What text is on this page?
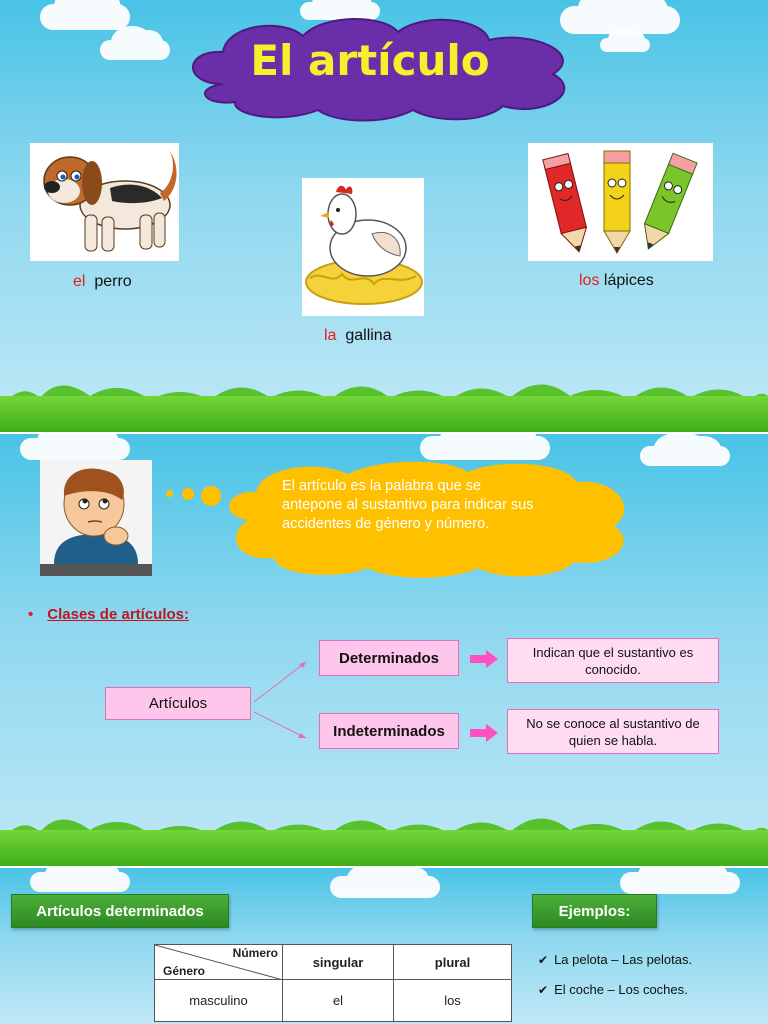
El artículo
el perro
la gallina
los lápices
El artículo es la palabra que se antepone al sustantivo para indicar sus accidentes de género y número.
• Clases de artículos:
Artículos
Determinados
Indeterminados
Indican que el sustantivo es conocido.
No se conoce al sustantivo de quien se habla.
Artículos determinados	Ejemplos:
Número
Género	singular	plural
masculino	el	los
✔ La pelota – Las pelotas.
✔ El coche – Los coches.
